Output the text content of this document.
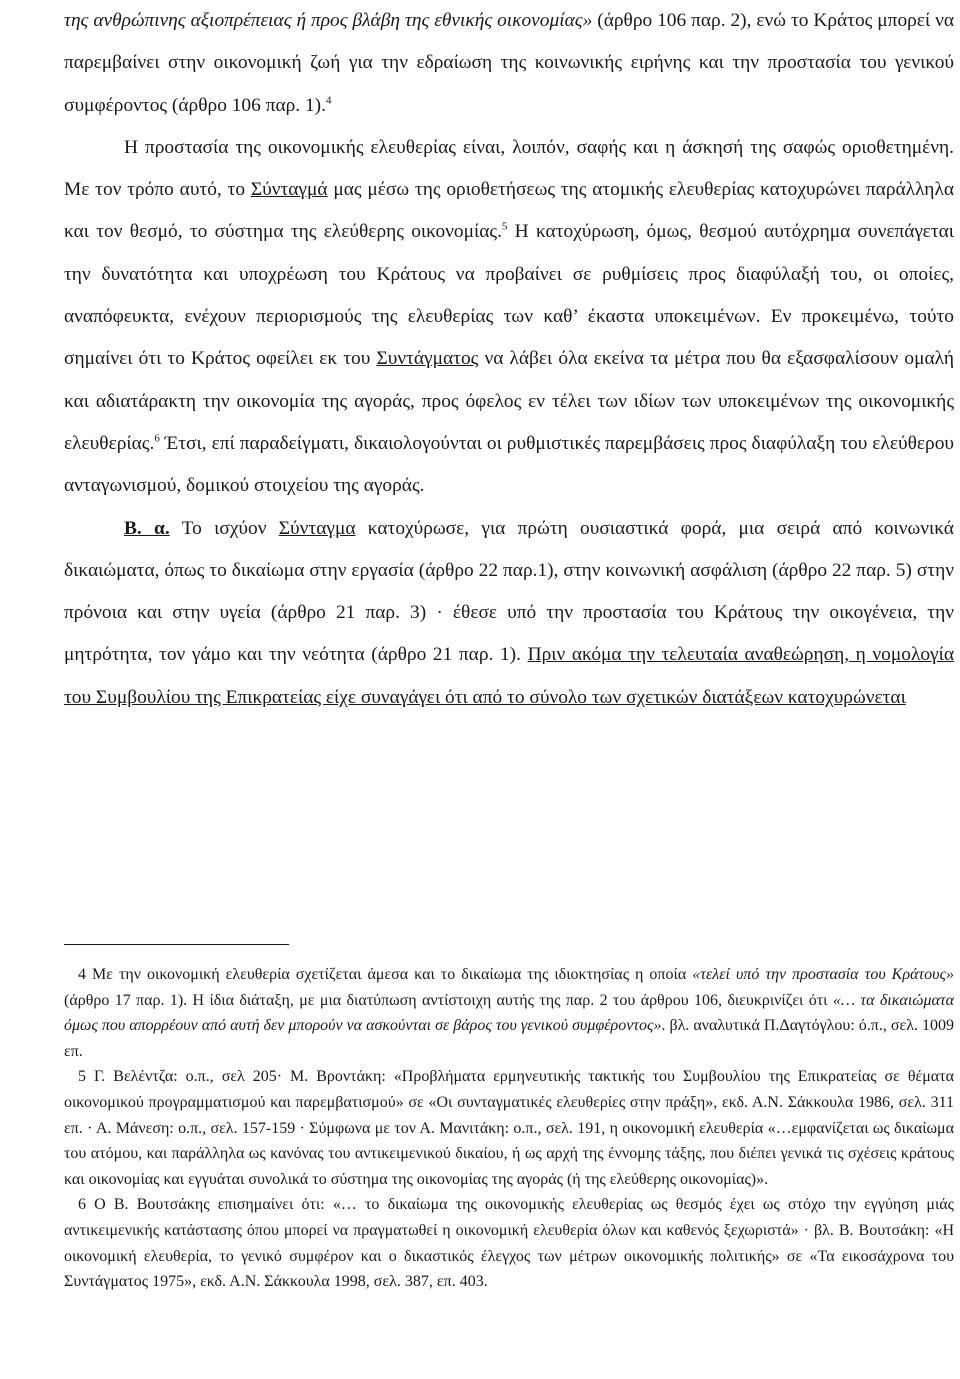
της ανθρώπινης αξιοπρέπειας ή προς βλάβη της εθνικής οικονομίας» (άρθρο 106 παρ. 2), ενώ το Κράτος μπορεί να παρεμβαίνει στην οικονομική ζωή για την εδραίωση της κοινωνικής ειρήνης και την προστασία του γενικού συμφέροντος (άρθρο 106 παρ. 1).$^4$

Η προστασία της οικονομικής ελευθερίας είναι, λοιπόν, σαφής και η άσκησή της σαφώς οριοθετημένη. Με τον τρόπο αυτό, το Σύνταγμά μας μέσω της οριοθετήσεως της ατομικής ελευθερίας κατοχυρώνει παράλληλα και τον θεσμό, το σύστημα της ελεύθερης οικονομίας.$^5$ Η κατοχύρωση, όμως, θεσμού αυτόχρημα συνεπάγεται την δυνατότητα και υποχρέωση του Κράτους να προβαίνει σε ρυθμίσεις προς διαφύλαξή του, οι οποίες, αναπόφευκτα, ενέχουν περιορισμούς της ελευθερίας των καθ’ έκαστα υποκειμένων. Εν προκειμένω, τούτο σημαίνει ότι το Κράτος οφείλει εκ του Συντάγματος να λάβει όλα εκείνα τα μέτρα που θα εξασφαλίσουν ομαλή και αδιατάρακτη την οικονομία της αγοράς, προς όφελος εν τέλει των ιδίων των υποκειμένων της οικονομικής ελευθερίας.$^6$ Έτσι, επί παραδείγματι, δικαιολογούνται οι ρυθμιστικές παρεμβάσεις προς διαφύλαξη του ελεύθερου ανταγωνισμού, δομικού στοιχείου της αγοράς.

Β. α. Το ισχύον Σύνταγμα κατοχύρωσε, για πρώτη ουσιαστικά φορά, μια σειρά από κοινωνικά δικαιώματα, όπως το δικαίωμα στην εργασία (άρθρο 22 παρ.1), στην κοινωνική ασφάλιση (άρθρο 22 παρ. 5) στην πρόνοια και στην υγεία (άρθρο 21 παρ. 3) · έθεσε υπό την προστασία του Κράτους την οικογένεια, την μητρότητα, τον γάμο και την νεότητα (άρθρο 21 παρ. 1). Πριν ακόμα την τελευταία αναθεώρηση, η νομολογία του Συμβουλίου της Επικρατείας είχε συναγάγει ότι από το σύνολο των σχετικών διατάξεων κατοχυρώνεται

4 Με την οικονομική ελευθερία σχετίζεται άμεσα και το δικαίωμα της ιδιοκτησίας η οποία «τελεί υπό την προστασία του Κράτους» (άρθρο 17 παρ. 1). Η ίδια διάταξη, με μια διατύπωση αντίστοιχη αυτής της παρ. 2 του άρθρου 106, διευκρινίζει ότι «… τα δικαιώματα όμως που απορρέουν από αυτή δεν μπορούν να ασκούνται σε βάρος του γενικού συμφέροντος». βλ. αναλυτικά Π.Δαγτόγλου: ό.π., σελ. 1009 επ.

5 Γ. Βελέντζα: ο.π., σελ 205· Μ. Βροντάκη: «Προβλήματα ερμηνευτικής τακτικής του Συμβουλίου της Επικρατείας σε θέματα οικονομικού προγραμματισμού και παρεμβατισμού» σε «Οι συνταγματικές ελευθερίες στην πράξη», εκδ. Α.Ν. Σάκκουλα 1986, σελ. 311 επ. · Α. Μάνεση: ο.π., σελ. 157-159 · Σύμφωνα με τον Α. Μανιτάκη: ο.π., σελ. 191, η οικονομική ελευθερία «…εμφανίζεται ως δικαίωμα του ατόμου, και παράλληλα ως κανόνας του αντικειμενικού δικαίου, ή ως αρχή της έννομης τάξης, που διέπει γενικά τις σχέσεις κράτους και οικονομίας και εγγυάται συνολικά το σύστημα της οικονομίας της αγοράς (ή της ελεύθερης οικονομίας)».

6 Ο Β. Βουτσάκης επισημαίνει ότι: «… το δικαίωμα της οικονομικής ελευθερίας ως θεσμός έχει ως στόχο την εγγύηση μιάς αντικειμενικής κατάστασης όπου μπορεί να πραγματωθεί η οικονομική ελευθερία όλων και καθενός ξεχωριστά» · βλ. Β. Βουτσάκη: «Η οικονομική ελευθερία, το γενικό συμφέρον και ο δικαστικός έλεγχος των μέτρων οικονομικής πολιτικής» σε «Τα εικοσάχρονα του Συντάγματος 1975», εκδ. Α.Ν. Σάκκουλα 1998, σελ. 387, επ. 403.
